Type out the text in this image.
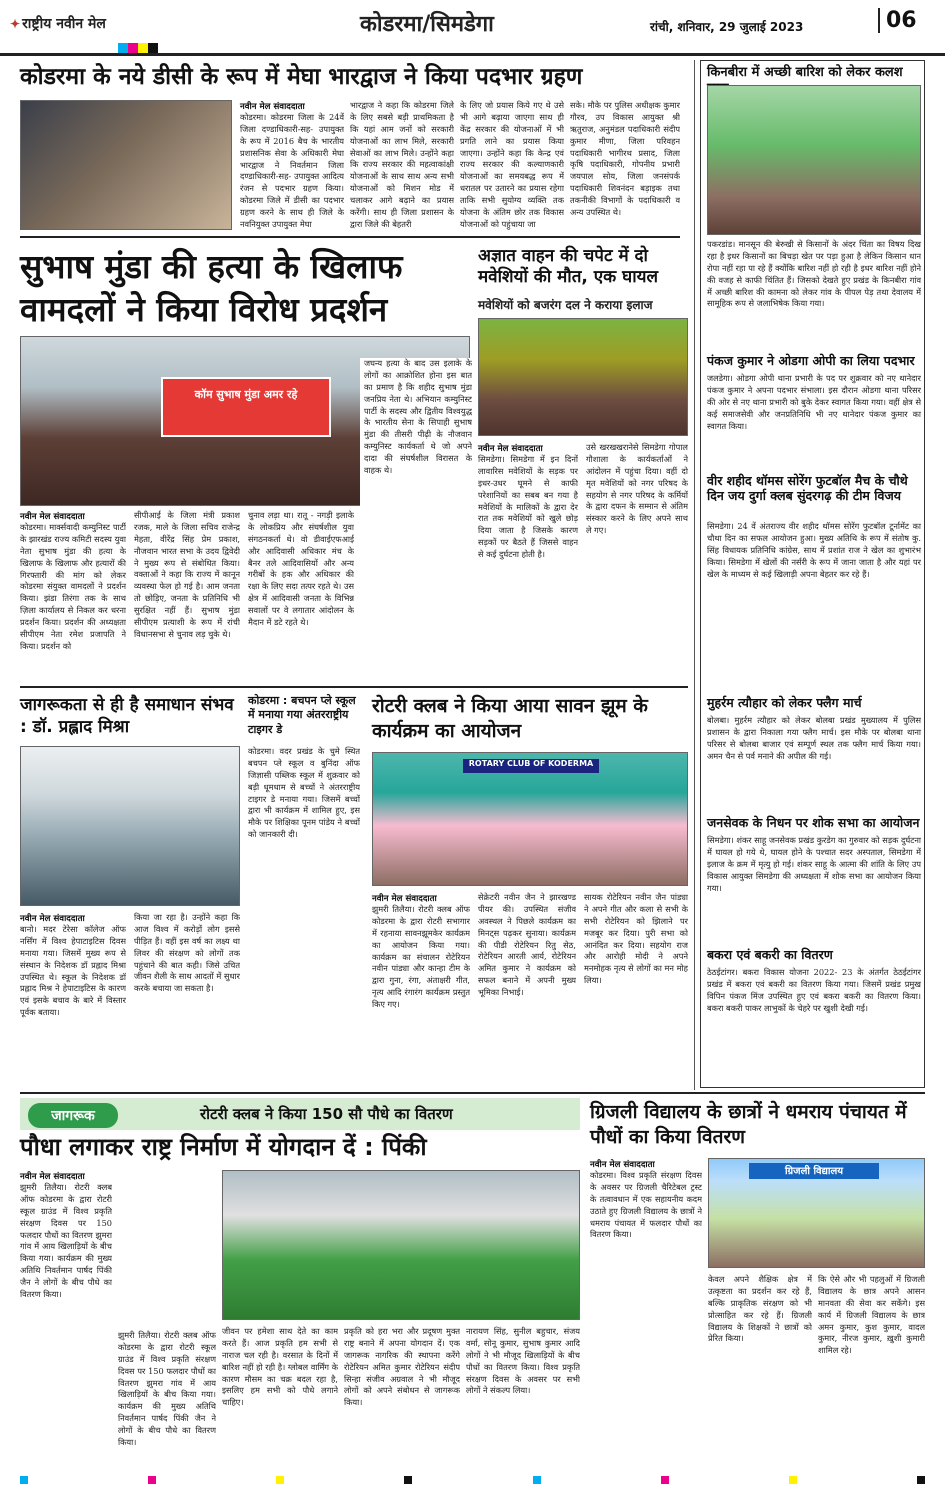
✦ राष्ट्रीय नवीन मेल	कोडरमा/सिमडेगा	रांची, शनिवार, 29 जुलाई 2023	06
कोडरमा के नये डीसी के रूप में मेघा भारद्वाज ने किया पदभार ग्रहण
नवीन मेल संवाददाता
कोडरमा। कोडरमा जिला के 24वें जिला दण्डाधिकारी-सह- उपायुक्त के रूप में 2016 बैच के भारतीय प्रशासनिक सेवा के अधिकारी मेघा भारद्वाज ने निवर्तमान जिला दण्डाधिकारी-सह- उपायुक्त आदित्य रंजन से पदभार ग्रहण किया। कोडरमा जिले में डीसी का पदभार ग्रहण करने के साथ ही जिले के नवनियुक्त उपायुक्त मेघा
भारद्वाज ने कहा कि कोडरमा जिले के लिए सबसे बड़ी प्राथमिकता है कि यहां आम जनों को सरकारी योजनाओं का लाभ मिले, सरकारी सेवाओं का लाभ मिले। उन्होंने कहा कि राज्य सरकार की महत्वाकांक्षी योजनाओं के साथ साथ अन्य सभी योजनाओं को मिशन मोड में चलाकर आगे बढ़ाने का प्रयास करेंगी। साथ ही जिला प्रशासन के द्वारा जिले की बेहतरी
के लिए जो प्रयास किये गए थे उसे भी आगे बढ़ाया जाएगा साथ ही केंद्र सरकार की योजनाओं में भी प्रगति लाने का प्रयास किया जाएगा। उन्होंने कहा कि केन्द्र एवं राज्य सरकार की कल्याणकारी योजनाओं का समयबद्ध रूप में धरातल पर उतारने का प्रयास रहेगा ताकि सभी सुयोग्य व्यक्ति तक योजना के अंतिम छोर तक विकास योजनाओं को पहुंचाया जा
सके। मौके पर पुलिस अधीक्षक कुमार गौरव, उप विकास आयुक्त श्री ऋतुराज, अनुमंडल पदाधिकारी संदीप कुमार मीणा, जिला परिवहन पदाधिकारी भागीरथ प्रसाद, जिला कृषि पदाधिकारी, गोपनीय प्रभारी जयपाल सोय, जिला जनसंपर्क पदाधिकारी शिवनंदन बड़ाइक तथा तकनीकी विभागों के पदाधिकारी व अन्य उपस्थित थे।
सुभाष मुंडा की हत्या के खिलाफ वामदलों ने किया विरोध प्रदर्शन
कॉम सुभाष मुंडा अमर रहे
नवीन मेल संवाददाता
कोडरमा। मार्क्सवादी कम्युनिस्ट पार्टी के झारखंड राज्य कमिटी सदस्य युवा नेता सुभाष मुंडा की हत्या के खिलाफ के खिलाफ और हत्यारों की गिरफ्तारी की मांग को लेकर कोडरमा संयुक्त वामदलों ने प्रदर्शन किया। झंडा तिरंगा तक के साथ ज़िला कार्यालय से निकल कर धरना प्रदर्शन किया। प्रदर्शन की अध्यक्षता सीपीएम नेता रमेश प्रजापति ने किया। प्रदर्शन को
सीपीआई के जिला मंत्री प्रकाश रजक, माले के जिला सचिव राजेन्द्र मेहता, वीरेंद्र सिंह प्रेम प्रकाश, नौजवान भारत सभा के उदय द्विवेदी ने मुख्य रूप से संबोधित किया। वक्ताओं ने कहा कि राज्य में कानून व्यवस्था फेल हो गई है। आम जनता तो छोड़िए, जनता के प्रतिनिधि भी सुरक्षित नहीं हैं। सुभाष मुंडा सीपीएम प्रत्याशी के रूप में रांची विधानसभा से चुनाव लड़ चुके थे।
चुनाव लड़ा था। रातू - नगड़ी इलाके के लोकप्रिय और संघर्षशील युवा संगठनकर्ता थे। वो डीवाईएफआई और आदिवासी अधिकार मंच के बैनर तले आदिवासियों और अन्य गरीबों के हक और अधिकार की रक्षा के लिए सदा तत्पर रहते थे। उस क्षेत्र में आदिवासी जनता के विभिन्न सवालों पर वे लगातार आंदोलन के मैदान में डटे रहते थे।
जघन्य हत्या के बाद उस इलाके के लोगों का आक्रोशित होना इस बात का प्रमाण है कि शहीद सुभाष मुंडा जनप्रिय नेता थे। अभियान कम्युनिस्ट पार्टी के सदस्य और द्वितीय विश्वयुद्ध के भारतीय सेना के सिपाही सुभाष मुंडा की तीसरी पीढ़ी के नौजवान कम्युनिस्ट कार्यकर्ता थे जो अपने दादा की संघर्षशील विरासत के वाहक थे।
अज्ञात वाहन की चपेट में दो मवेशियों की मौत, एक घायल
मवेशियों को बजरंग दल ने कराया इलाज
नवीन मेल संवाददाता
सिमडेगा। सिमडेगा में इन दिनों लावारिस मवेशियों के सड़क पर इधर-उधर घूमने से काफी परेशानियों का सबब बन गया है मवेशियों के मालिकों के द्वारा देर रात तक मवेशियों को खुले छोड़ दिया जाता है जिसके कारण सड़कों पर बैठते हैं जिससे वाहन से कई दुर्घटना होती है।
उसे खरखखरानेसे सिमडेगा गोपाल गौशाला के कार्यकर्ताओं ने आंदोलन में पहुंचा दिया। वहीं दो मृत मवेशियों को नगर परिषद के सहयोग से नगर परिषद के कर्मियों के द्वारा दफन के सम्मान से अंतिम संस्कार करने के लिए अपने साथ ले गए।
किनबीरा में अच्छी बारिश को लेकर कलश
पकरडांड। मानसून की बेरुखी से किसानों के अंदर चिंता का विषय दिख रहा है इधर किसानों का बिचड़ा खेत पर पड़ा हुआ है लेकिन किसान धान रोपा नहीं रहा पा रहे हैं क्योंकि बारिश नहीं हो रही है इधर बारिश नहीं होने की वजह से काफी चिंतित हैं। जिसको देखते हुए प्रखंड के किनबीरा गांव में अच्छी बारिश की कामना को लेकर गांव के पीपल पेड़ तथा देवालय में सामूहिक रूप से जलाभिषेक किया गया।
पंकज कुमार ने ओडगा ओपी का लिया पदभार
जलडेगा। ओडगा ओपी थाना प्रभारी के पद पर शुक्रवार को नए थानेदार पंकज कुमार ने अपना पदभार संभाला। इस दौरान ओडगा थाना परिसर की ओर से नए थाना प्रभारी को बुके देकर स्वागत किया गया। वहीं क्षेत्र से कई समाजसेवी और जनप्रतिनिधि भी नए थानेदार पंकज कुमार का स्वागत किया।
वीर शहीद थॉमस सोरेंग फुटबॉल मैच के चौथे दिन जय दुर्गा क्लब सुंदरगढ़ की टीम विजय
सिमडेगा। 24 वें अंतराज्य वीर शहीद थॉमस सोरेंग फुटबॉल टूर्नामेंट का चौथा दिन का सफल आयोजन हुआ। मुख्य अतिथि के रूप में संतोष कु. सिंह विधायक प्रतिनिधि कांग्रेस, साथ में प्रशांत राज ने खेल का शुभारंभ किया। सिमडेगा में खेलों की नर्सरी के रूप में जाना जाता है और यहां पर खेल के माध्यम से कई खिलाड़ी अपना बेहतर कर रहे हैं।
मुहर्रम त्यौहार को लेकर फ्लैग मार्च
बोलबा। मुहर्रम त्यौहार को लेकर बोलबा प्रखंड मुख्यालय में पुलिस प्रशासन के द्वारा निकाला गया फ्लैग मार्च। इस मौके पर बोलबा थाना परिसर से बोलबा बाजार एवं सम्पूर्ण स्थल तक फ्लैग मार्च किया गया। अमन चैन से पर्व मनाने की अपील की गई।
जनसेवक के निधन पर शोक सभा का आयोजन
सिमडेगा। शंकर साहू जनसेवक प्रखंड कुरडेग का गुरुवार को सड़क दुर्घटना में घायल हो गये थे, घायल होने के पश्चात सदर अस्पताल, सिमडेगा में इलाज के क्रम में मृत्यु हो गई। शंकर साहू के आत्मा की शांति के लिए उप विकास आयुक्त सिमडेगा की अध्यक्षता में शोक सभा का आयोजन किया गया।
बकरा एवं बकरी का वितरण
ठेठईटांगर। बकरा विकास योजना 2022- 23 के अंतर्गत ठेठईटांगर प्रखंड में बकरा एवं बकरी का वितरण किया गया। जिसमें प्रखंड प्रमुख विपिन पंकज मिंज उपस्थित हुए एवं बकरा बकरी का वितरण किया। बकरा बकरी पाकर लाभुकों के चेहरे पर खुशी देखी गई।
जागरूकता से ही है समाधान संभव : डॉ. प्रह्लाद मिश्रा
नवीन मेल संवाददाता
बानो। मदर टेरेसा कॉलेज ऑफ नर्सिंग में विश्व हेपाटाइटिस दिवस मनाया गया। जिसमें मुख्य रूप से संस्थान के निदेशक डॉ प्रह्लाद मिश्रा उपस्थित थे। स्कूल के निदेशक डॉ प्रह्लाद मिश्र ने हेपाटाइटिस के कारण एवं इसके बचाव के बारे में विस्तार पूर्वक बताया।
किया जा रहा है। उन्होंने कहा कि आज विश्व में करोड़ों लोग इससे पीड़ित हैं। वहीं इस वर्ष का लक्ष्य था लिवर की संरक्षण को लोगों तक पहुंचाने की बात कही। जिसे उचित जीवन शैली के साथ आदतों में सुधार करके बचाया जा सकता है।
कोडरमा : बचपन प्ले स्कूल में मनाया गया अंतरराष्ट्रीय टाइगर डे
कोडरमा। वदर प्रखंड के चुमे स्थित बचपन प्ले स्कूल व बुनिंदा ऑफ जिज्ञासी पब्लिक स्कूल में शुक्रवार को बड़ी धूमधाम से बच्चों ने अंतरराष्ट्रीय टाइगर डे मनाया गया। जिसमें बच्चों द्वारा भी कार्यक्रम में शामिल हुए, इस मौके पर शिक्षिका पूनम पांडेय ने बच्चों को जानकारी दी।
रोटरी क्लब ने किया आया सावन झूम के कार्यक्रम का आयोजन
ROTARY CLUB OF KODERMA
नवीन मेल संवाददाता
झुमरी तिलैया। रोटरी क्लब ऑफ कोडरमा के द्वारा रोटरी सभागार में रहनाया सावनझूमकेर कार्यक्रम का आयोजन किया गया। कार्यक्रम का संचालन रोटेरियन नवीन पांड्या और कान्हा टीम के द्वारा गुना, रंगा, अंताक्षरी गीत, नृत्य आदि रंगारंग कार्यक्रम प्रस्तुत किए गए।
सेक्रेटरी नवीन जैन ने झारखण्ड पीयर की। उपस्थित संजीव अवस्थल ने पिछले कार्यक्रम का मिनट्स पढ़कर सुनाया। कार्यक्रम की पीडी रोटेरियन रितु सेठ, रोटेरियन आरती आर्य, रोटेरियन अमित कुमार ने कार्यक्रम को सफल बनाने में अपनी मुख्य भूमिका निभाई।
सायक रोटेरियन नवीन जैन पांड्या ने अपने गीत और कला से सभी के सभी रोटेरियन को झिलाने पर मजबूर कर दिया। पुरी सभा को आनंदित कर दिया। सहयोग राज और आरोही मोदी ने अपने मनमोहक नृत्य से लोगों का मन मोह लिया।
जागरूक	रोटरी क्लब ने किया 150 सौ पौधे का वितरण
पौधा लगाकर राष्ट्र निर्माण में योगदान दें : पिंकी
नवीन मेल संवाददाता
झुमरी तिलैया। रोटरी क्लब ऑफ कोडरमा के द्वारा रोटरी स्कूल ग्राउंड में विश्व प्रकृति संरक्षण दिवस पर 150 फलदार पौधों का वितरण झुमरा गांव में आय खिलाड़ियों के बीच किया गया। कार्यक्रम की मुख्य अतिथि निवर्तमान पार्षद पिंकी जैन ने लोगों के बीच पौधे का वितरण किया।
झुमरी तिलैया। रोटरी क्लब ऑफ कोडरमा के द्वारा रोटरी स्कूल ग्राउंड में विश्व प्रकृति संरक्षण दिवस पर 150 फलदार पौधों का वितरण झुमरा गांव में आय खिलाड़ियों के बीच किया गया। कार्यक्रम की मुख्य अतिथि निवर्तमान पार्षद पिंकी जैन ने लोगों के बीच पौधे का वितरण किया।
जीवन पर हमेशा साथ देते का काम करते हैं। आज प्रकृति हम सभी से नाराज चल रही है। वरसात के दिनों में बारिश नहीं हो रही है। ग्लोबल वार्मिंग के कारण मौसम का चक्र बदल रहा है, इसलिए हम सभी को पौधे लगाने चाहिए।
प्रकृति को हरा भरा और प्रदूषण मुक्त राष्ट्र बनाने में अपना योगदान दें। एक जागरूक नागरिक की स्थापना करेंगे रोटेरियन अमित कुमार रोटेरियन संदीप सिन्हा संजीव अग्रवाल ने भी मौजूद लोगों को अपने संबोधन से जागरूक किया।
नारायण सिंह, सुनील बहुचार, संजय वर्मा, सोनू कुमार, सुभाष कुमार आदि लोगों ने भी मौजूद खिलाड़ियों के बीच पौधों का वितरण किया। विश्व प्रकृति संरक्षण दिवस के अवसर पर सभी लोगों ने संकल्प लिया।
ग्रिजली विद्यालय के छात्रों ने धमराय पंचायत में पौधों का किया वितरण
नवीन मेल संवाददाता
कोडरमा। विश्व प्रकृति संरक्षण दिवस के अवसर पर ग्रिजली चैरिटेबल ट्रस्ट के तत्वावधान में एक सहायनीय कदम उठाते हुए ग्रिजली विद्यालय के छात्रों ने धमराय पंचायत में फलदार पौधों का वितरण किया।
ग्रिजली विद्यालय
केवल अपने शैक्षिक क्षेत्र में उत्कृष्टता का प्रदर्शन कर रहे हैं, बल्कि प्राकृतिक संरक्षण को भी प्रोत्साहित कर रहे हैं। ग्रिजली विद्यालय के शिक्षकों ने छात्रों को प्रेरित किया।
कि ऐसे और भी पहलुओं में ग्रिजली विद्यालय के छात्र अपने आसन मानवता की सेवा कर सकेंगे। इस कार्य में ग्रिजली विद्यालय के छात्र अमन कुमार, कुश कुमार, वादल कुमार, नीरज कुमार, ख़ुशी कुमारी शामिल रहे।
